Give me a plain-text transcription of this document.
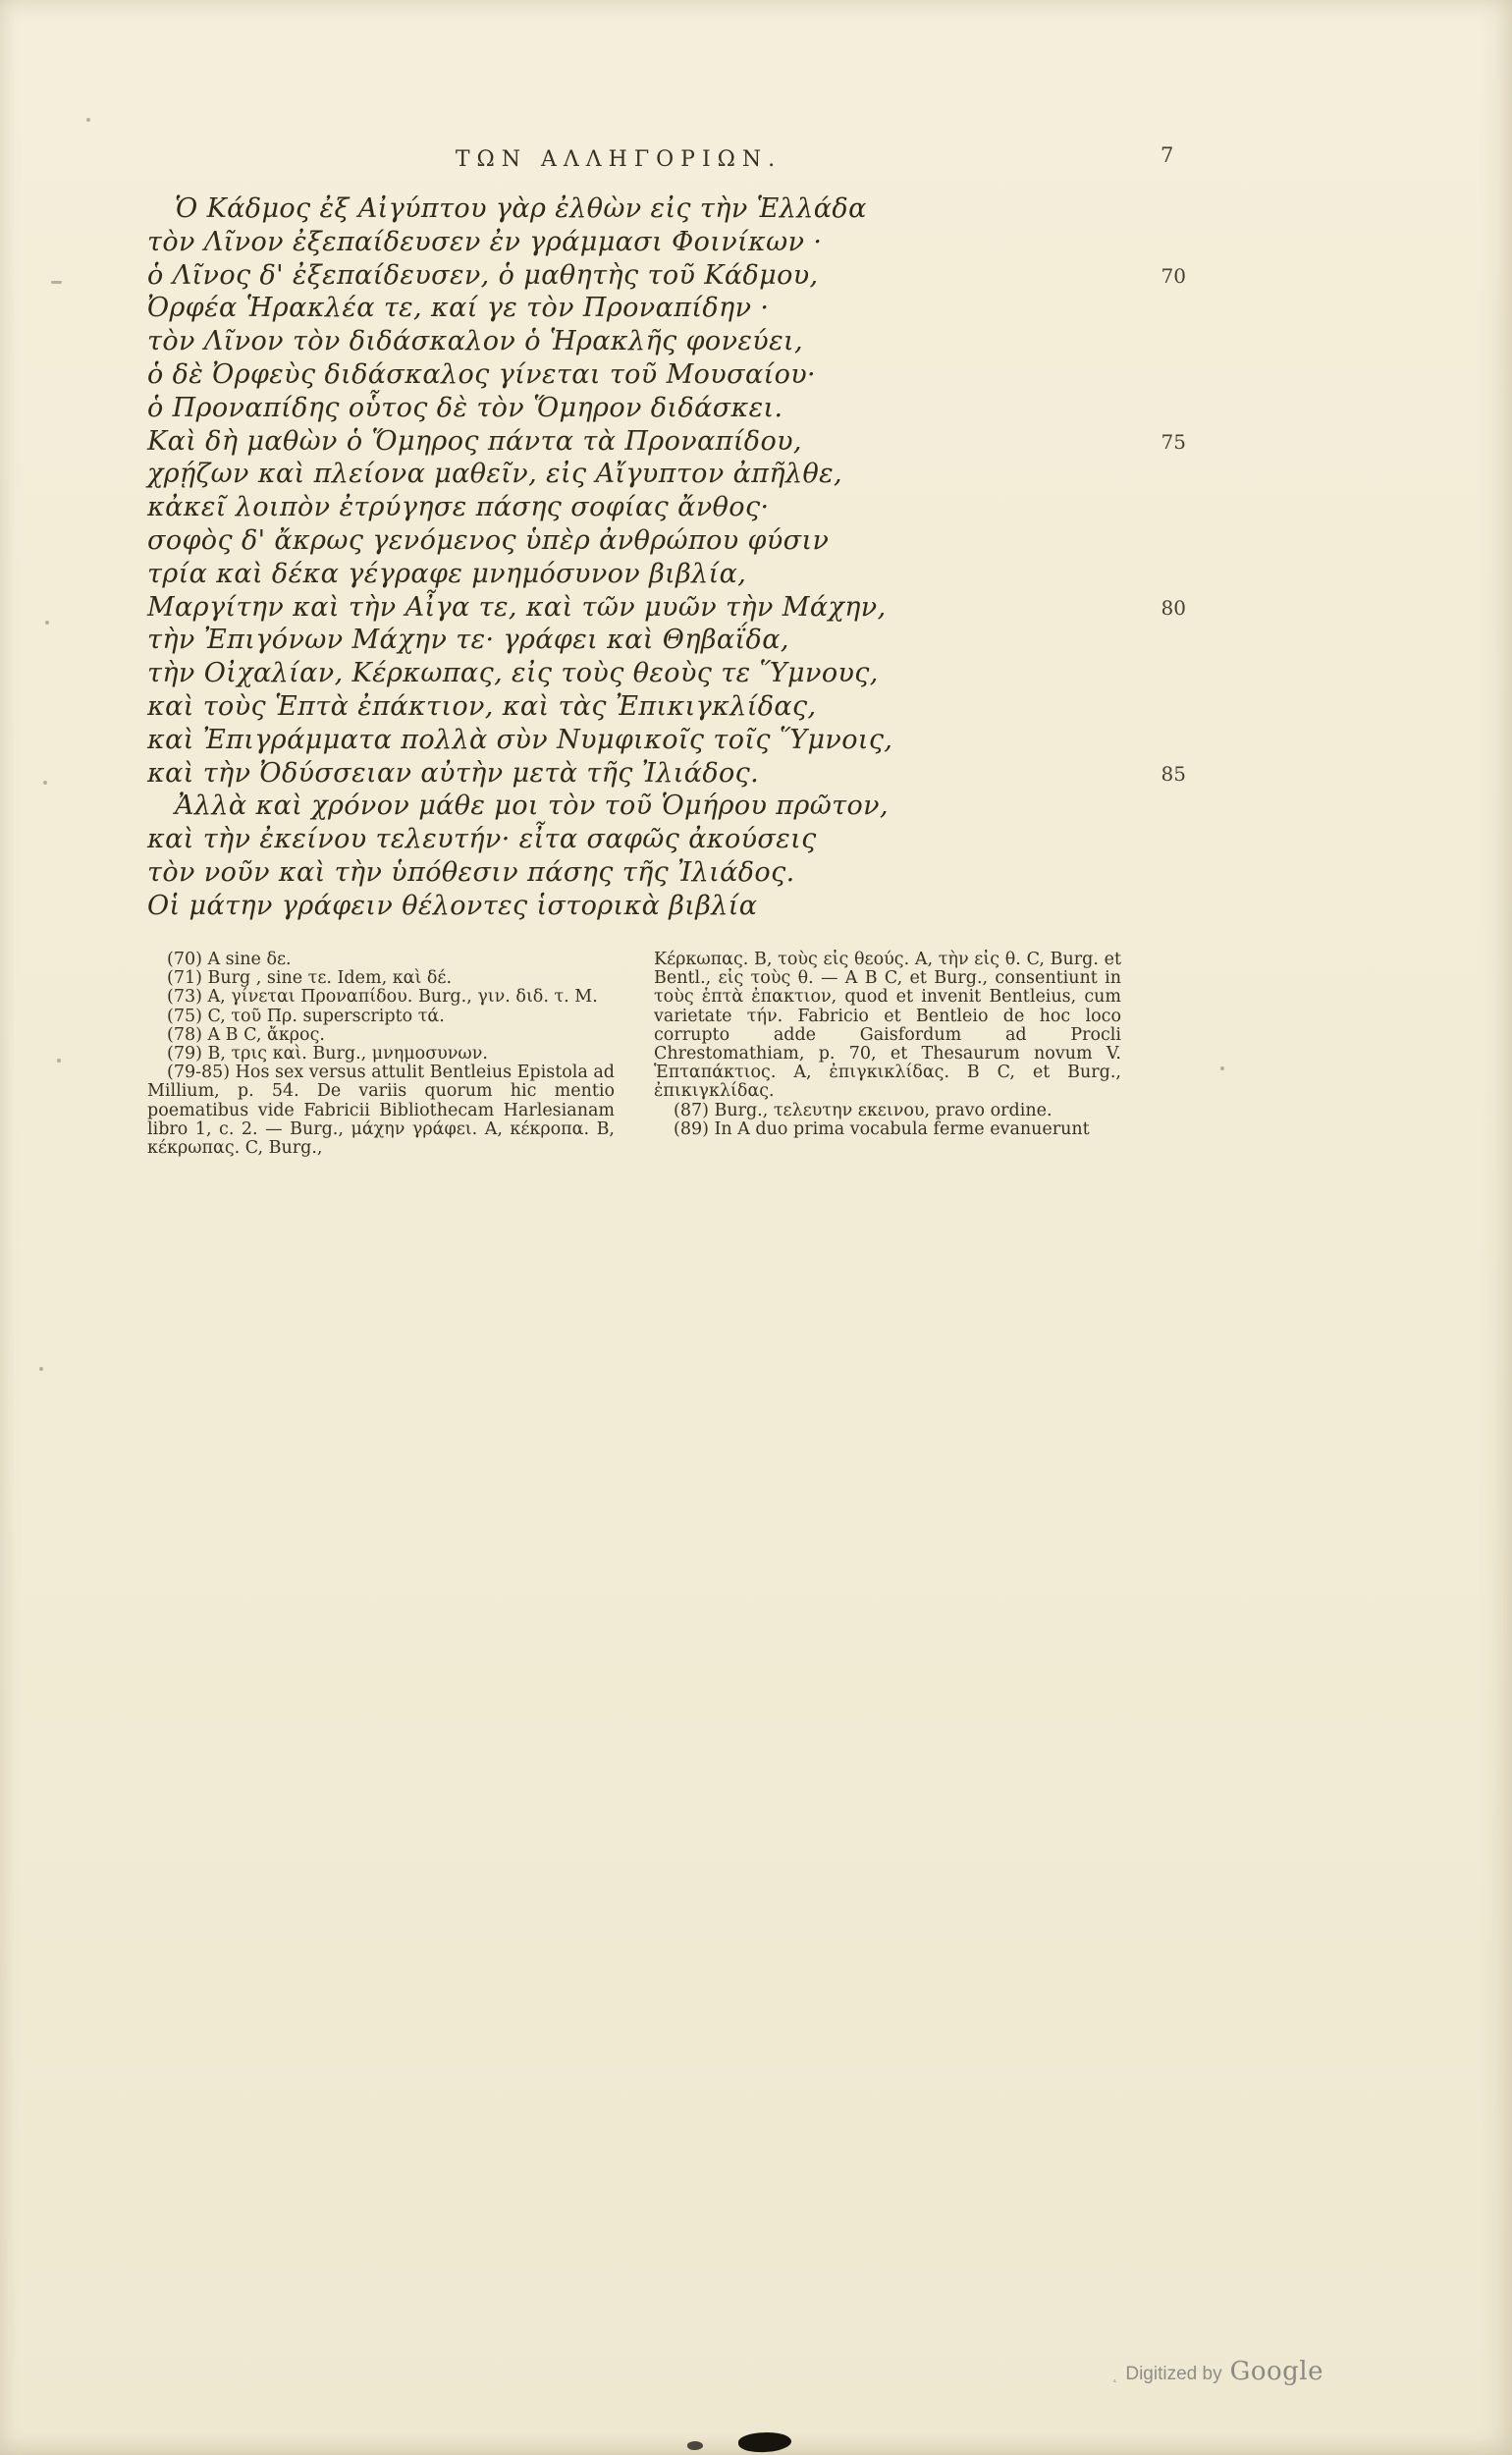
ΤΩΝ ΑΛΛΗΓΟΡΙΩΝ.	7
Ὁ Κάδμος ἐξ Αἰγύπτου γὰρ ἐλθὼν εἰς τὴν Ἑλλάδα
τὸν Λῖνον ἐξεπαίδευσεν ἐν γράμμασι Φοινίκων ·
ὁ Λῖνος δ' ἐξεπαίδευσεν, ὁ μαθητὴς τοῦ Κάδμου,	70
Ὀρφέα Ἡρακλέα τε, καί γε τὸν Προναπίδην ·
τὸν Λῖνον τὸν διδάσκαλον ὁ Ἡρακλῆς φονεύει,
ὁ δὲ Ὀρφεὺς διδάσκαλος γίνεται τοῦ Μουσαίου·
ὁ Προναπίδης οὗτος δὲ τὸν Ὅμηρον διδάσκει.
Καὶ δὴ μαθὼν ὁ Ὅμηρος πάντα τὰ Προναπίδου,	75
χρῄζων καὶ πλείονα μαθεῖν, εἰς Αἴγυπτον ἀπῆλθε,
κἀκεῖ λοιπὸν ἐτρύγησε πάσης σοφίας ἄνθος·
σοφὸς δ' ἄκρως γενόμενος ὑπὲρ ἀνθρώπου φύσιν
τρία καὶ δέκα γέγραφε μνημόσυνον βιβλία,
Μαργίτην καὶ τὴν Αἶγα τε, καὶ τῶν μυῶν τὴν Μάχην,	80
τὴν Ἐπιγόνων Μάχην τε· γράφει καὶ Θηβαΐδα,
τὴν Οἰχαλίαν, Κέρκωπας, εἰς τοὺς θεοὺς τε Ὕμνους,
καὶ τοὺς Ἑπτὰ ἐπάκτιον, καὶ τὰς Ἐπικιγκλίδας,
καὶ Ἐπιγράμματα πολλὰ σὺν Νυμφικοῖς τοῖς Ὕμνοις,
καὶ τὴν Ὀδύσσειαν αὐτὴν μετὰ τῆς Ἰλιάδος.	85
Ἀλλὰ καὶ χρόνον μάθε μοι τὸν τοῦ Ὁμήρου πρῶτον,
καὶ τὴν ἐκείνου τελευτήν· εἶτα σαφῶς ἀκούσεις
τὸν νοῦν καὶ τὴν ὑπόθεσιν πάσης τῆς Ἰλιάδος.
Οἱ μάτην γράφειν θέλοντες ἱστορικὰ βιβλία

(70) A sine δε.

(71) Burg , sine τε. Idem, καὶ δέ.

(73) A, γίνεται Προναπίδου. Burg., γιν. διδ. τ. Μ.

(75) C, τοῦ Πρ. superscripto τά.

(78) A B C, ἄκρος.

(79) B, τρις καὶ. Burg., μνημοσυνων.

(79-85) Hos sex versus attulit Bentleius Epistola ad Millium, p. 54. De variis quorum hic mentio poematibus vide Fabricii Bibliothecam Harlesianam libro 1, c. 2. — Burg., μάχην γράφει. Α, κέκροπα. Β, κέκρωπας. C, Burg.,

Κέρκωπας. Β, τοὺς εἰς θεούς. Α, τὴν εἰς θ. C, Burg. et Bentl., εἰς τοὺς θ. — A B C, et Burg., consentiunt in τοὺς ἑπτὰ ἐπακτιον, quod et invenit Bentleius, cum varietate τήν. Fabricio et Bentleio de hoc loco corrupto adde Gaisfordum ad Procli Chrestomathiam, p. 70, et Thesaurum novum V. Ἑπταπάκτιος. Α, ἐπιγκικλίδας. Β C, et Burg., ἐπικιγκλίδας.

(87) Burg., τελευτην εκεινου, pravo ordine.

(89) In A duo prima vocabula ferme evanuerunt

˛ Digitized by Google
